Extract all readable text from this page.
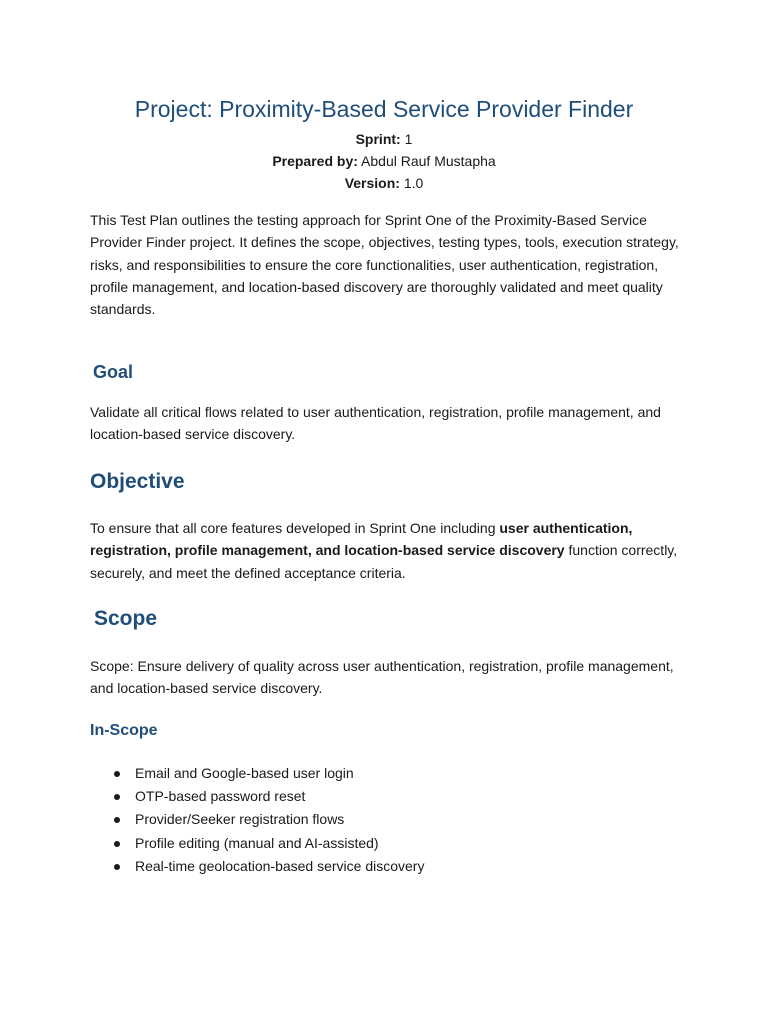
Project: Proximity-Based Service Provider Finder
Sprint: 1
Prepared by: Abdul Rauf Mustapha
Version: 1.0

This Test Plan outlines the testing approach for Sprint One of the Proximity-Based Service Provider Finder project. It defines the scope, objectives, testing types, tools, execution strategy, risks, and responsibilities to ensure the core functionalities, user authentication, registration, profile management, and location-based discovery are thoroughly validated and meet quality standards.

Goal

Validate all critical flows related to user authentication, registration, profile management, and location-based service discovery.

Objective

To ensure that all core features developed in Sprint One including user authentication, registration, profile management, and location-based service discovery function correctly, securely, and meet the defined acceptance criteria.

Scope

Scope: Ensure delivery of quality across user authentication, registration, profile management, and location-based service discovery.

In-Scope
Email and Google-based user login
OTP-based password reset
Provider/Seeker registration flows
Profile editing (manual and AI-assisted)
Real-time geolocation-based service discovery
